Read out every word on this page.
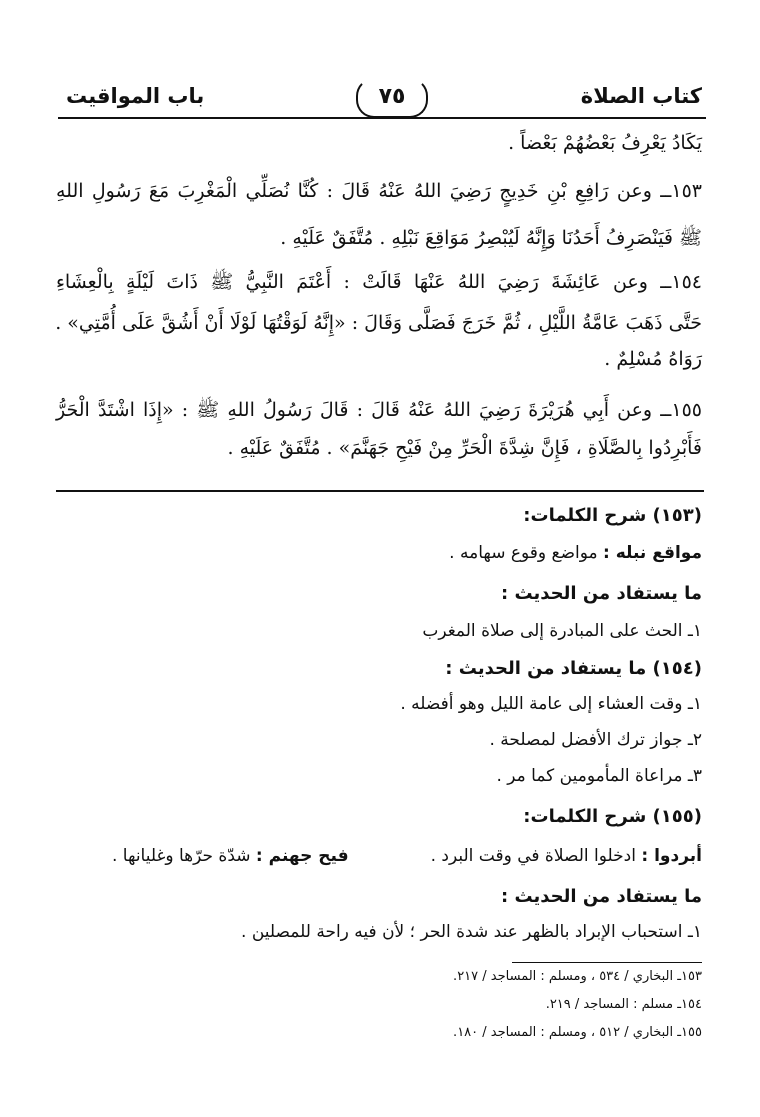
كتاب الصلاة
٧٥
باب المواقيت
يَكَادُ يَعْرِفُ بَعْضُهُمْ بَعْضاً .
١٥٣ــ وعن رَافِعِ بْنِ خَدِيجٍ رَضِيَ اللهُ عَنْهُ قَالَ : كُنَّا نُصَلِّي الْمَغْرِبَ مَعَ رَسُولِ اللهِ
ﷺ فَيَنْصَرِفُ أَحَدُنَا وَإِنَّهُ لَيُبْصِرُ مَوَاقِعَ نَبْلِهِ . مُتَّفَقٌ عَلَيْهِ .
١٥٤ــ وعن عَائِشَةَ رَضِيَ اللهُ عَنْهَا قَالَتْ : أَعْتَمَ النَّبِيُّ ﷺ ذَاتَ لَيْلَةٍ بِالْعِشَاءِ
حَتَّى ذَهَبَ عَامَّةُ اللَّيْلِ ، ثُمَّ خَرَجَ فَصَلَّى وَقَالَ : «إِنَّهُ لَوَقْتُهَا لَوْلَا أَنْ أَشُقَّ عَلَى أُمَّتِي» .
رَوَاهُ مُسْلِمٌ .
١٥٥ــ وعن أَبِي هُرَيْرَةَ رَضِيَ اللهُ عَنْهُ قَالَ : قَالَ رَسُولُ اللهِ ﷺ : «إِذَا اشْتَدَّ الْحَرُّ
فَأَبْرِدُوا بِالصَّلَاةِ ، فَإِنَّ شِدَّةَ الْحَرِّ مِنْ فَيْحِ جَهَنَّمَ» . مُتَّفَقٌ عَلَيْهِ .
(١٥٣) شرح الكلمات:
مواقع نبله : مواضع وقوع سهامه .
ما يستفاد من الحديث :
١ـ الحث على المبادرة إلى صلاة المغرب
(١٥٤) ما يستفاد من الحديث :
١ـ وقت العشاء إلى عامة الليل وهو أفضله .
٢ـ جواز ترك الأفضل لمصلحة .
٣ـ مراعاة المأمومين كما مر .
(١٥٥) شرح الكلمات:
أبردوا : ادخلوا الصلاة في وقت البرد .
فيح جهنم : شدّة حرّها وغليانها .
ما يستفاد من الحديث :
١ـ استحباب الإبراد بالظهر عند شدة الحر ؛ لأن فيه راحة للمصلين .
١٥٣ـ البخاري / ٥٣٤ ، ومسلم : المساجد / ٢١٧.
١٥٤ـ مسلم : المساجد / ٢١٩.
١٥٥ـ البخاري / ٥١٢ ، ومسلم : المساجد / ١٨٠.
